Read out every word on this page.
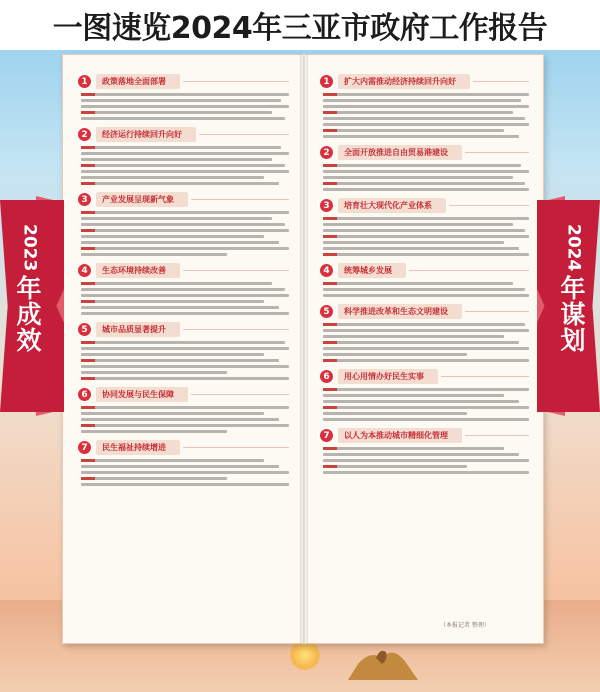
一图速览2024年三亚市政府工作报告
1	政策落地全面部署
2	经济运行持续回升向好
3	产业发展呈现新气象
4	生态环境持续改善
5	城市品质显著提升
6	协同发展与民生保障
7	民生福祉持续增进
1	扩大内需推动经济持续回升向好
2	全面开放推进自由贸易港建设
3	培育壮大现代化产业体系
4	统筹城乡发展
5	科学推进改革和生态文明建设
6	用心用情办好民生实事
7	以人为本推动城市精细化管理
2023
年
成
效
2024
年
谋
划
（本报记者 整理）
